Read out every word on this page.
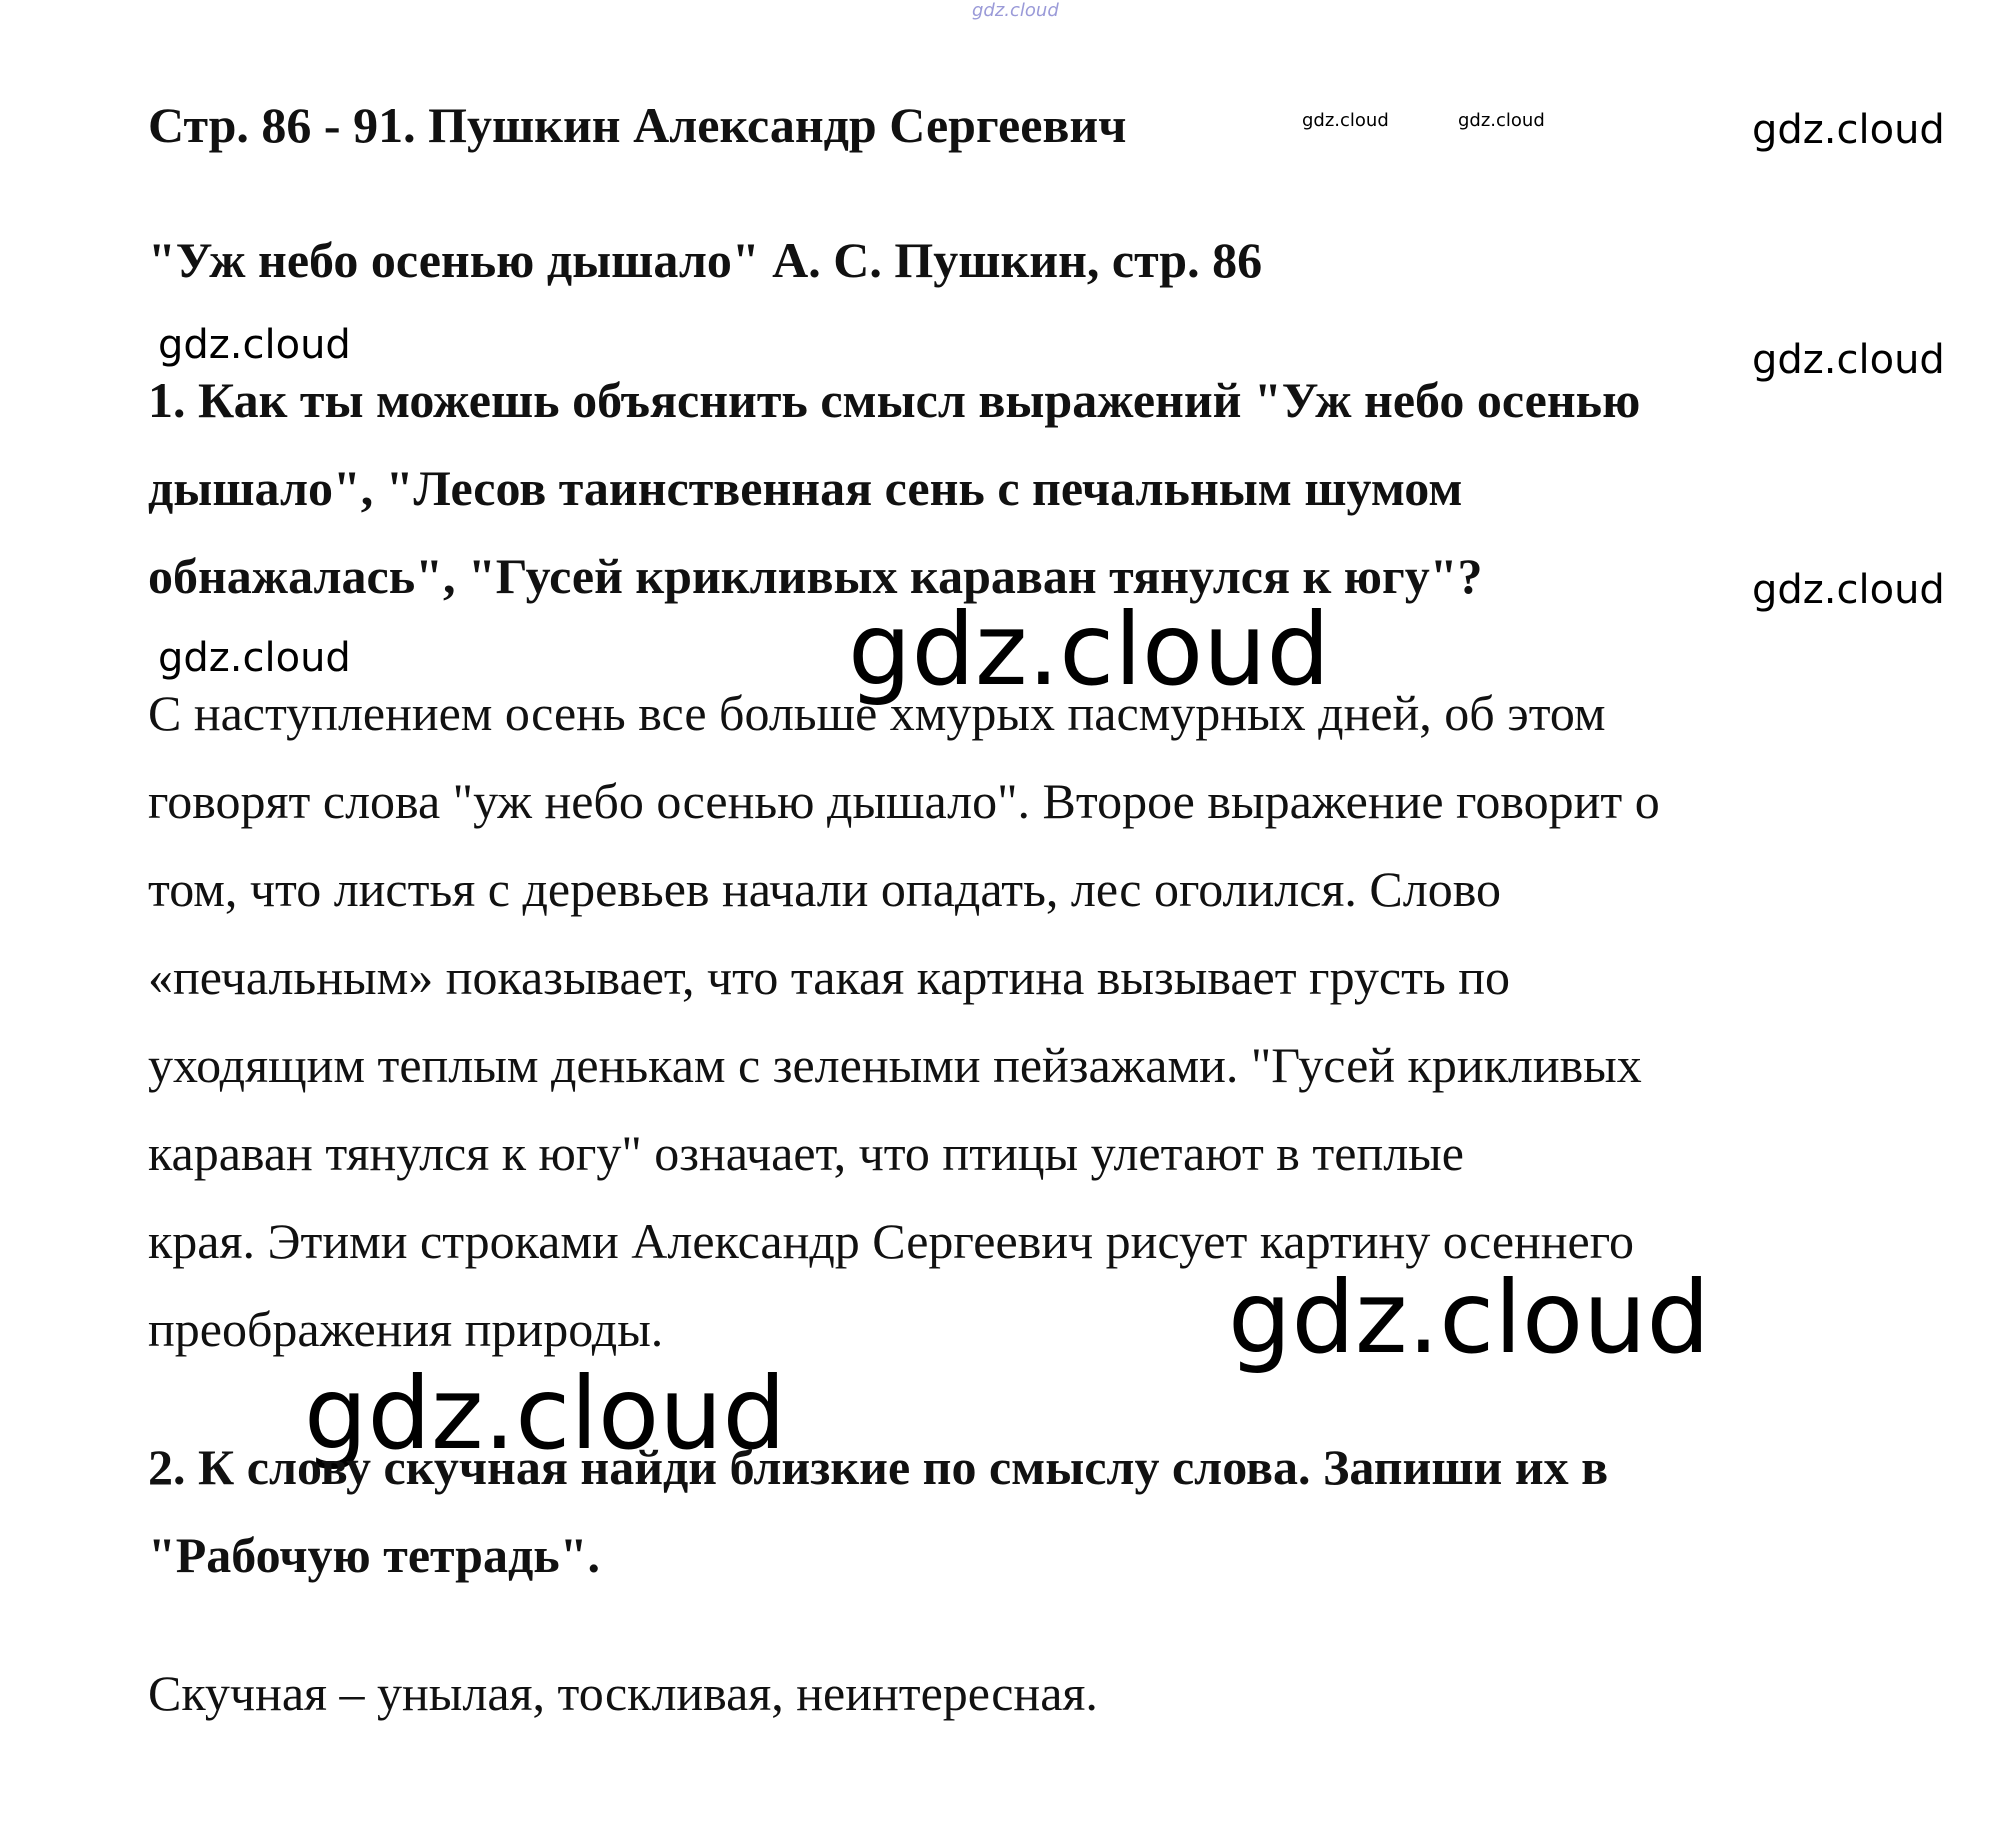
gdz.cloud
gdz.cloud	gdz.cloud	gdz.cloud
gdz.cloud	gdz.cloud
gdz.cloud
gdz.cloud	gdz.cloud
gdz.cloud
gdz.cloud
Стр. 86 - 91. Пушкин Александр Сергеевич
"Уж небо осенью дышало" А. С. Пушкин, стр. 86

1. Как ты можешь объяснить смысл выражений "Уж небо осенью

дышало", "Лесов таинственная сень с печальным шумом

обнажалась", "Гусей крикливых караван тянулся к югу"?

С наступлением осень все больше хмурых пасмурных дней, об этом

говорят слова "уж небо осенью дышало". Второе выражение говорит о

том, что листья с деревьев начали опадать, лес оголился. Слово

«печальным» показывает, что такая картина вызывает грусть по

уходящим теплым денькам с зелеными пейзажами. "Гусей крикливых

караван тянулся к югу" означает, что птицы улетают в теплые

края. Этими строками Александр Сергеевич рисует картину осеннего

преображения природы.

2. К слову скучная найди близкие по смыслу слова. Запиши их в

"Рабочую тетрадь".

Скучная – унылая, тоскливая, неинтересная.
